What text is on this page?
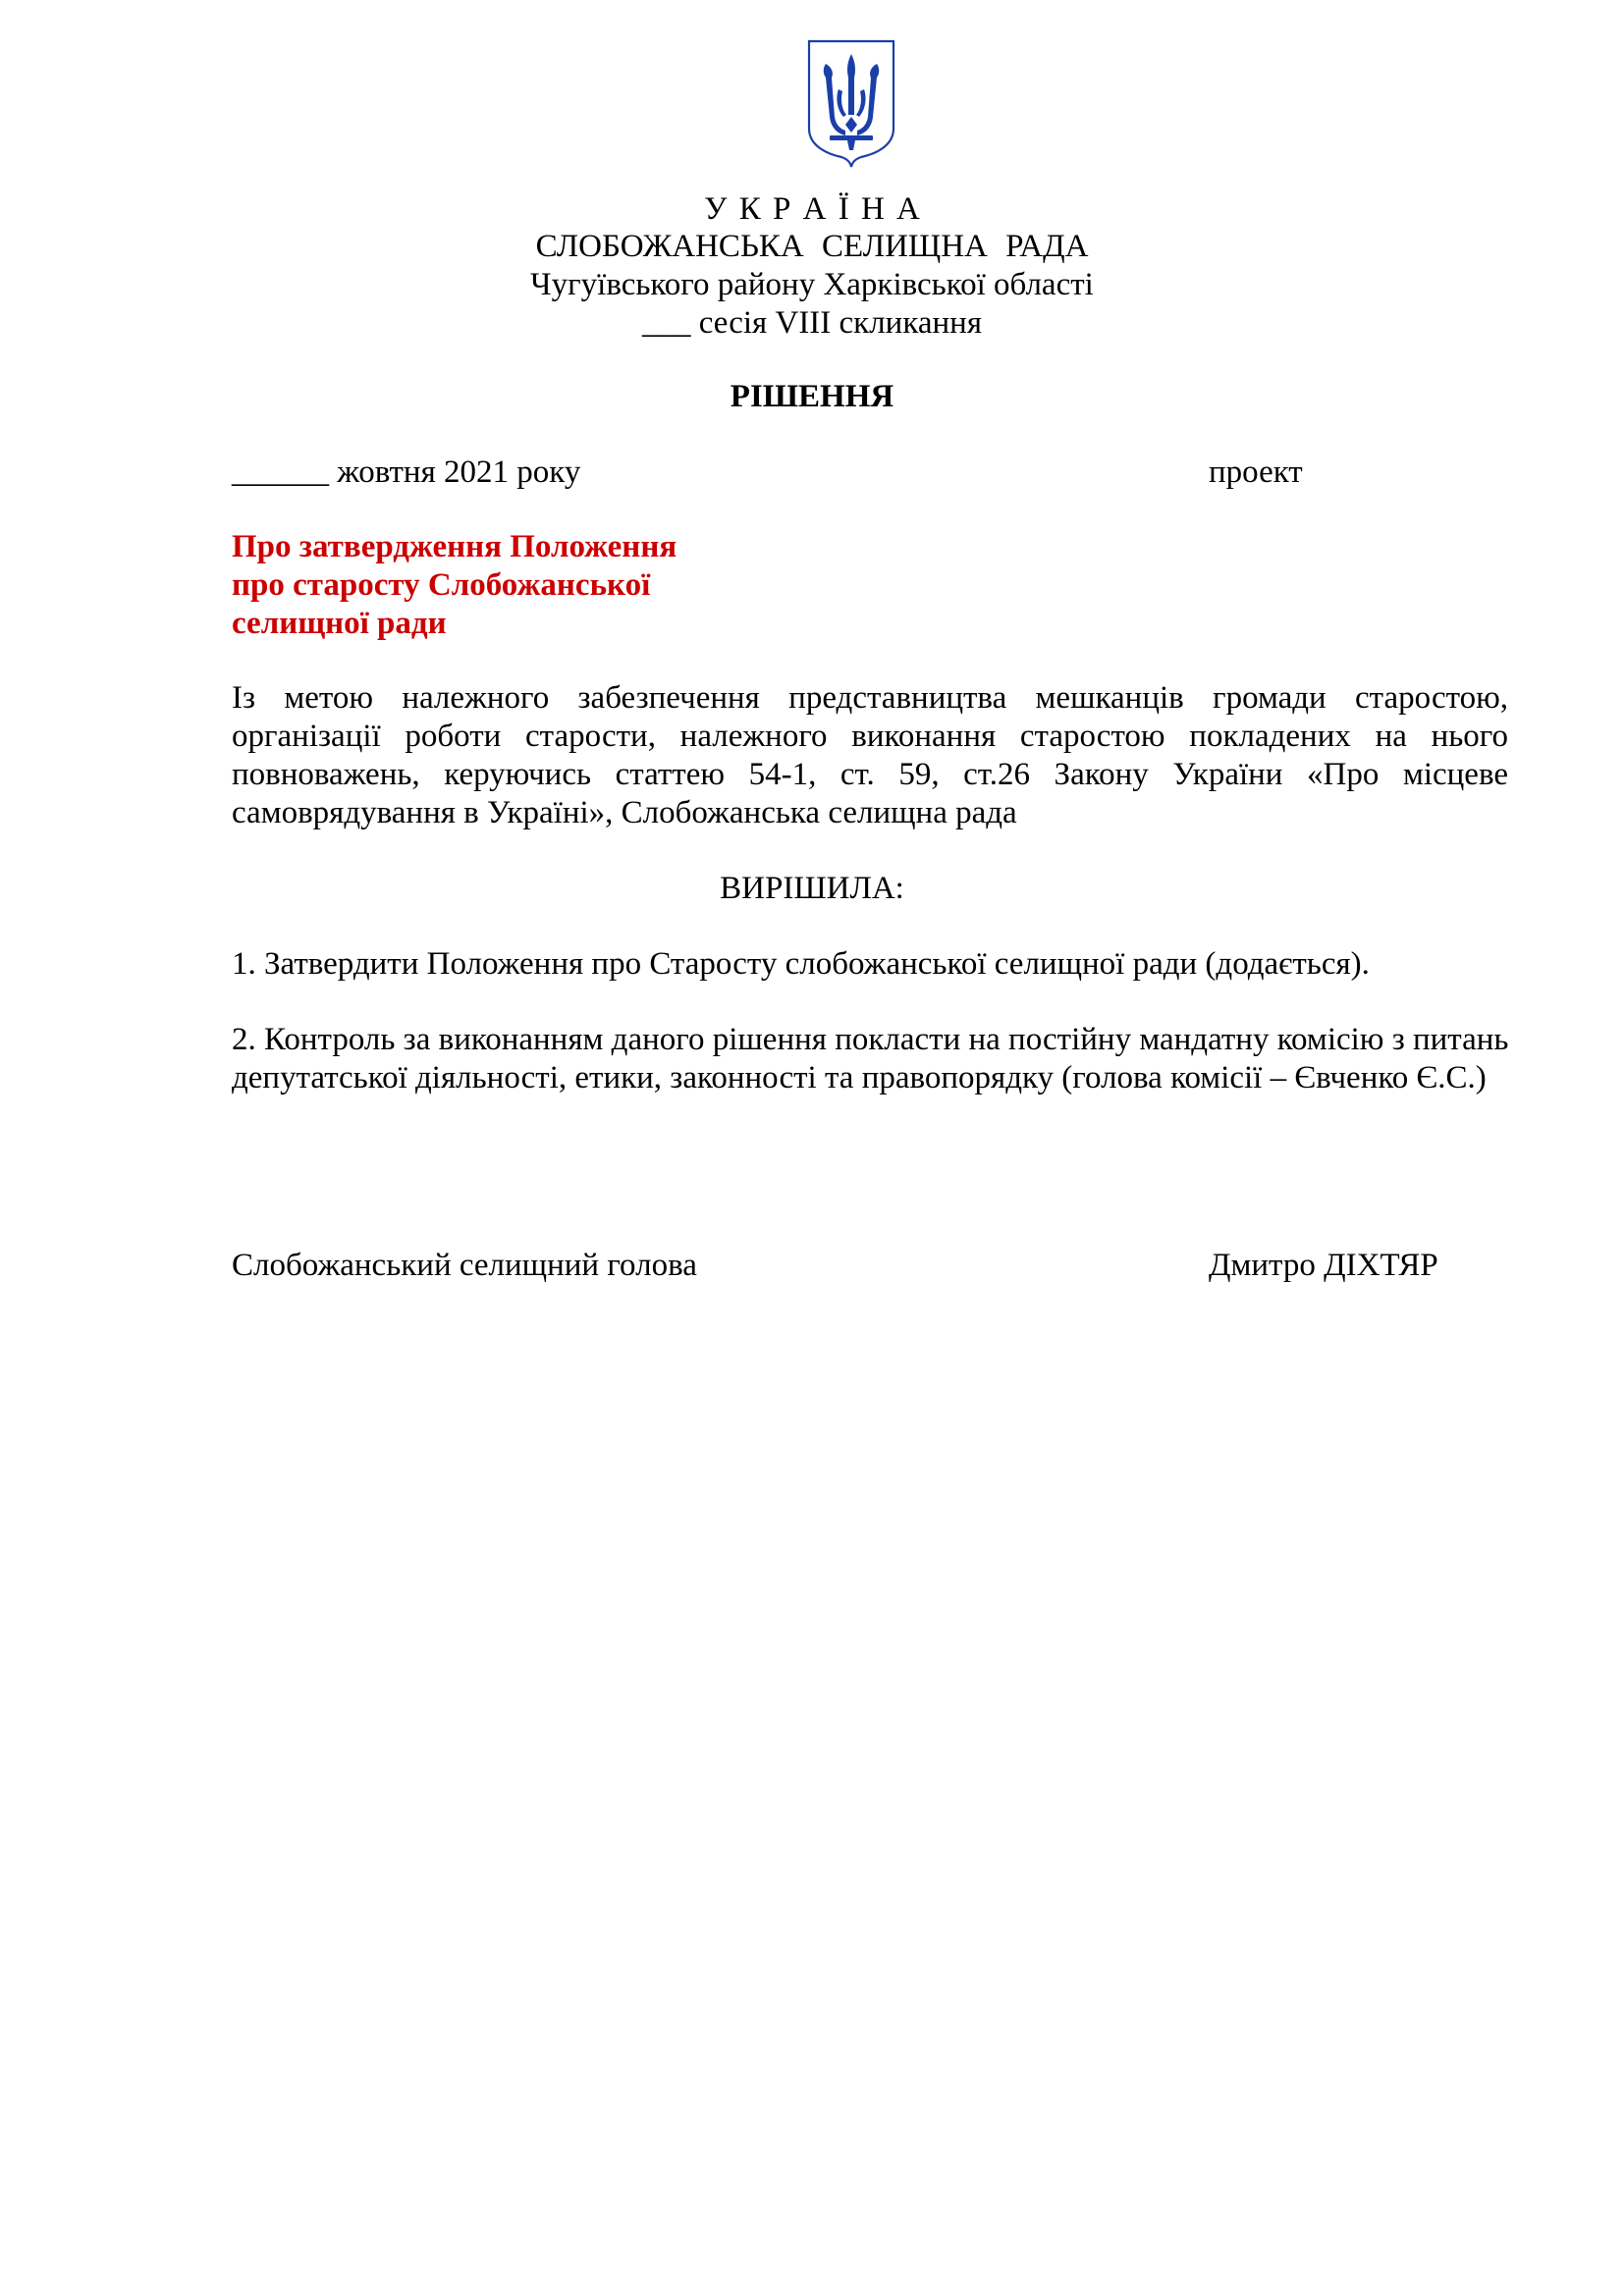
У К Р А Ї Н А
СЛОБОЖАНСЬКА СЕЛИЩНА РАДА
Чугуївського району Харківської області
___ сесія VIII скликання
РІШЕННЯ
______ жовтня 2021 року	проект
Про затвердження Положення
про старосту Слобожанської
селищної ради
Із метою належного забезпечення представництва мешканців громади старостою,
організації роботи старости, належного виконання старостою покладених на нього
повноважень, керуючись статтею 54-1, ст. 59, ст.26 Закону України «Про місцеве
самоврядування в Україні», Слобожанська селищна рада
ВИРІШИЛА:
1. Затвердити Положення про Старосту слобожанської селищної ради (додається).
2. Контроль за виконанням даного рішення покласти на постійну мандатну комісію з питань
депутатської діяльності, етики, законності та правопорядку (голова комісії – Євченко Є.С.)
Слобожанський селищний голова	Дмитро ДІХТЯР
